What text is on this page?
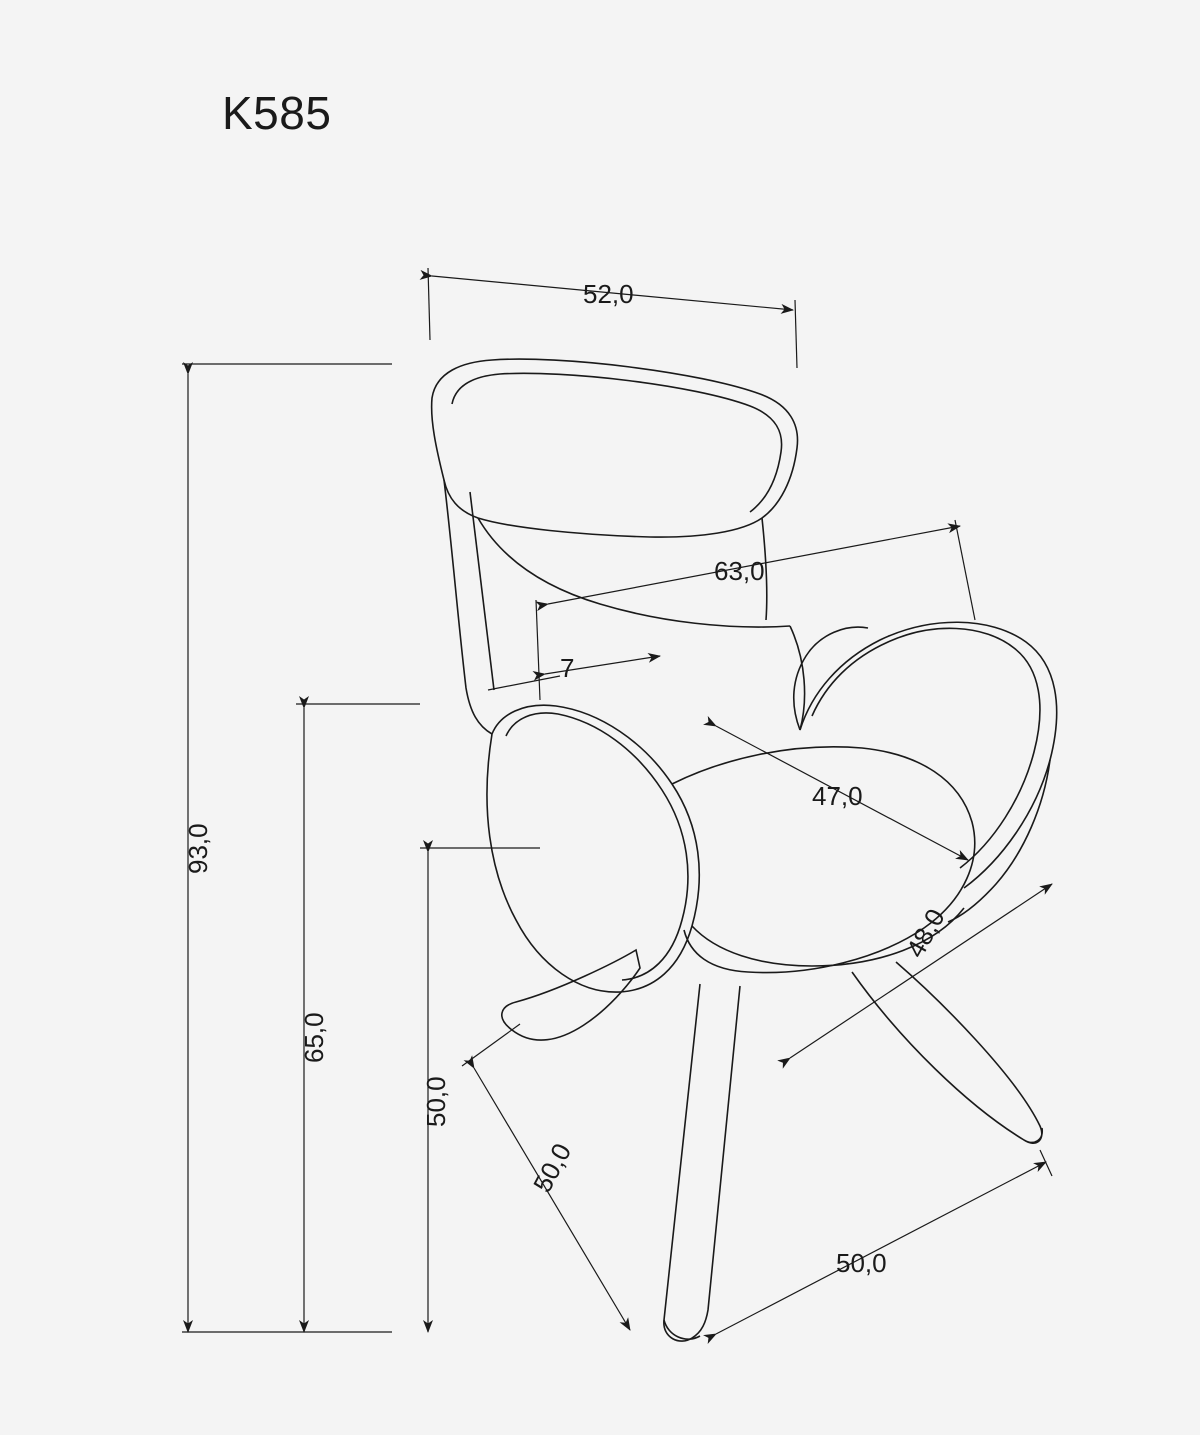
K585
52,0
63,0
7
47,0
48,0
93,0
65,0
50,0
50,0
50,0
